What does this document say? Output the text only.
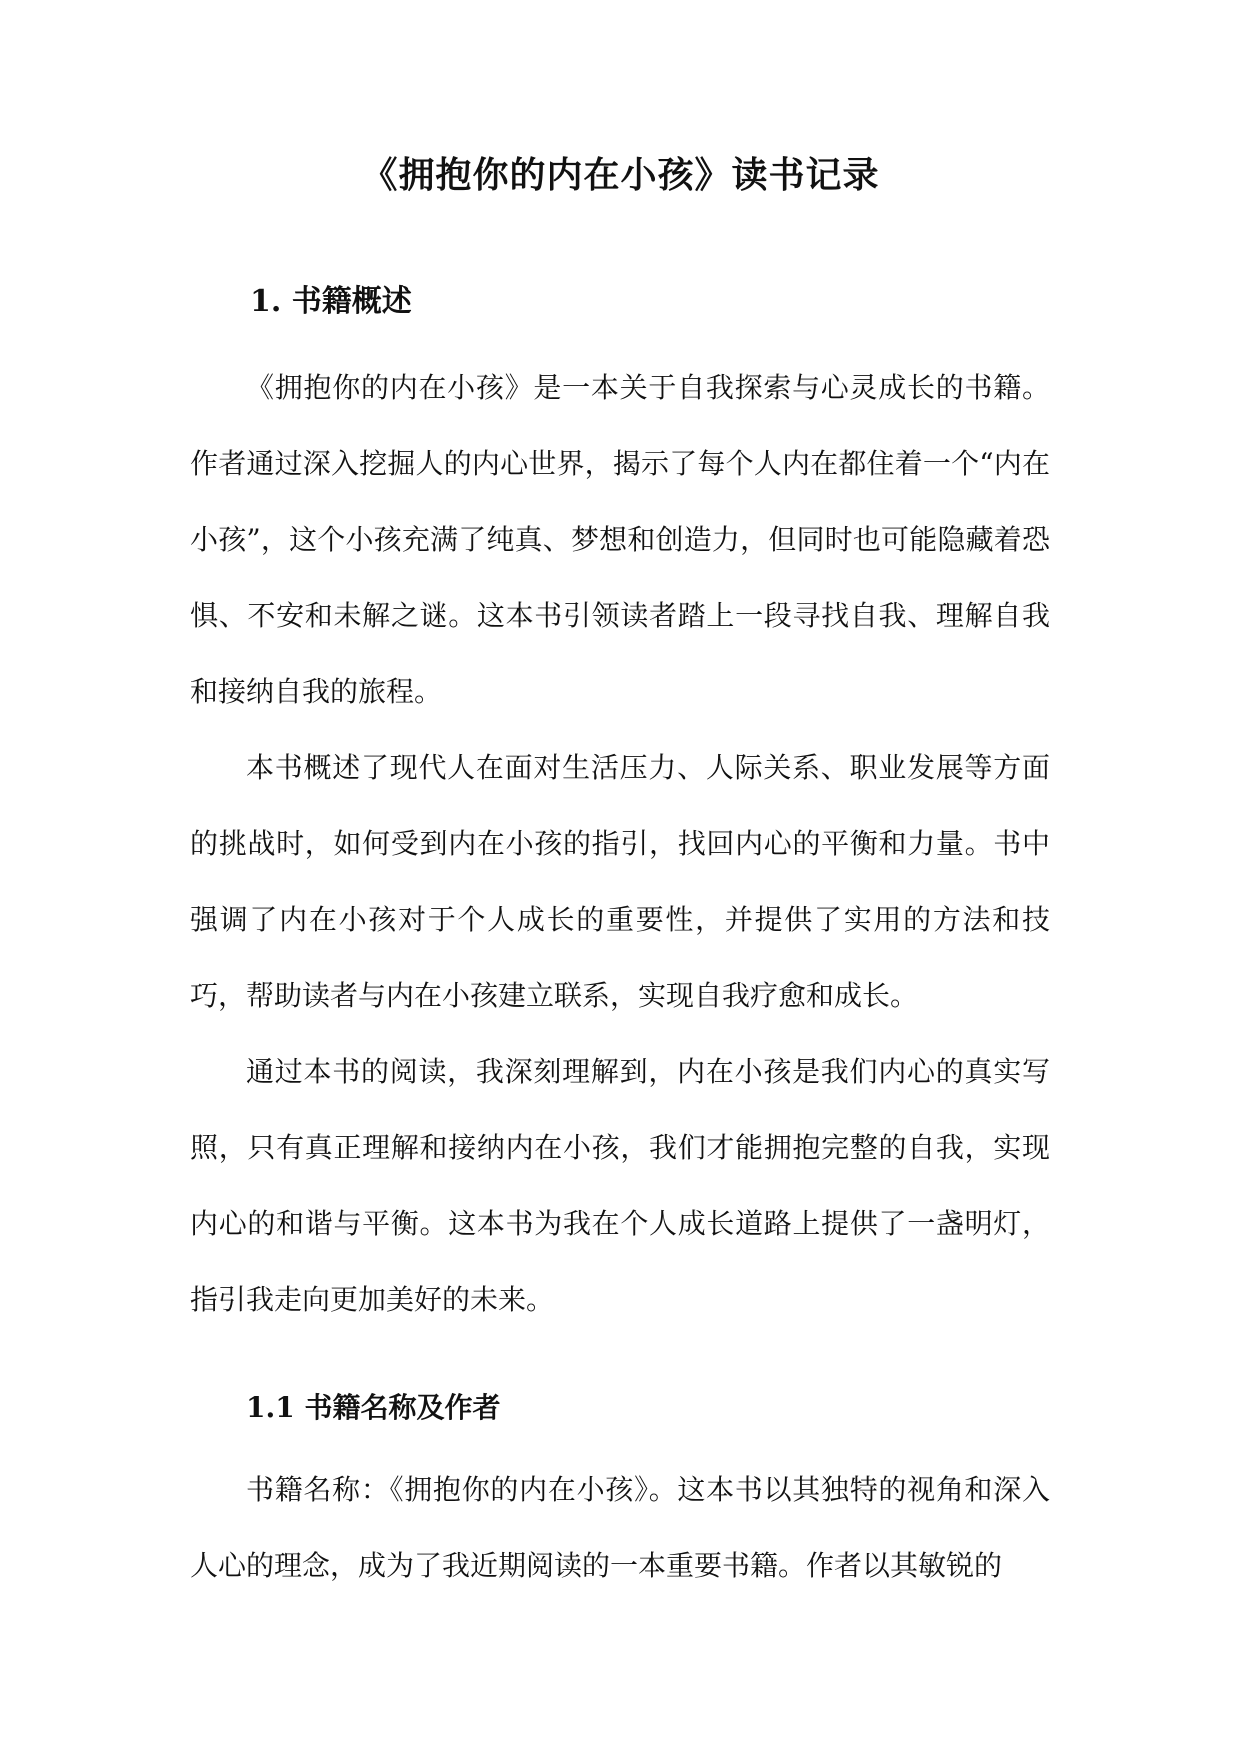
《拥抱你的内在小孩》读书记录
1. 书籍概述

《拥抱你的内在小孩》是一本关于自我探索与心灵成长的书籍。作者通过深入挖掘人的内心世界，揭示了每个人内在都住着一个“内在小孩”，这个小孩充满了纯真、梦想和创造力，但同时也可能隐藏着恐惧、不安和未解之谜。这本书引领读者踏上一段寻找自我、理解自我和接纳自我的旅程。

本书概述了现代人在面对生活压力、人际关系、职业发展等方面的挑战时，如何受到内在小孩的指引，找回内心的平衡和力量。书中强调了内在小孩对于个人成长的重要性，并提供了实用的方法和技巧，帮助读者与内在小孩建立联系，实现自我疗愈和成长。

通过本书的阅读，我深刻理解到，内在小孩是我们内心的真实写照，只有真正理解和接纳内在小孩，我们才能拥抱完整的自我，实现内心的和谐与平衡。这本书为我在个人成长道路上提供了一盏明灯，指引我走向更加美好的未来。

1.1 书籍名称及作者

书籍名称：《拥抱你的内在小孩》。这本书以其独特的视角和深入人心的理念，成为了我近期阅读的一本重要书籍。作者以其敏锐的
